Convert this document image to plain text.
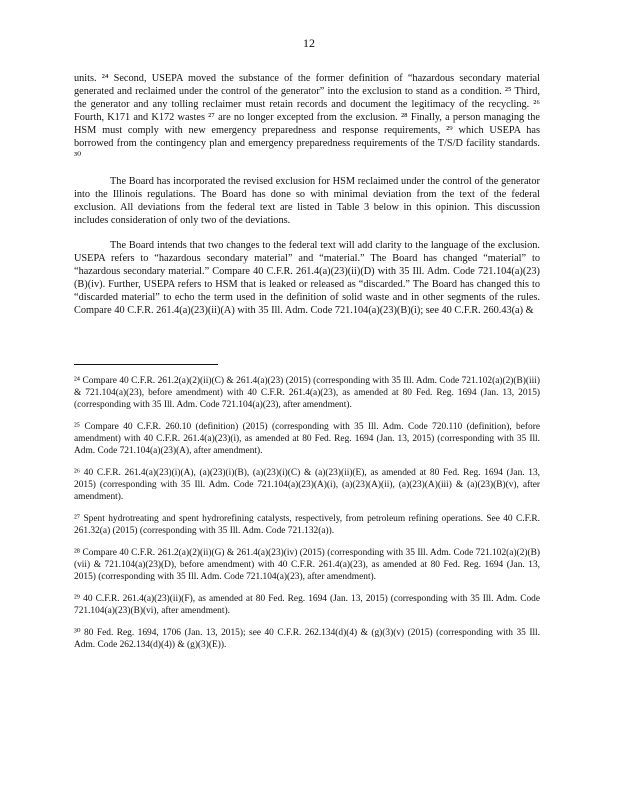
12

units. ²⁴ Second, USEPA moved the substance of the former definition of “hazardous secondary material generated and reclaimed under the control of the generator” into the exclusion to stand as a condition. ²⁵ Third, the generator and any tolling reclaimer must retain records and document the legitimacy of the recycling. ²⁶ Fourth, K171 and K172 wastes ²⁷ are no longer excepted from the exclusion. ²⁸ Finally, a person managing the HSM must comply with new emergency preparedness and response requirements, ²⁹ which USEPA has borrowed from the contingency plan and emergency preparedness requirements of the T/S/D facility standards. ³⁰

The Board has incorporated the revised exclusion for HSM reclaimed under the control of the generator into the Illinois regulations. The Board has done so with minimal deviation from the text of the federal exclusion. All deviations from the federal text are listed in Table 3 below in this opinion. This discussion includes consideration of only two of the deviations.

The Board intends that two changes to the federal text will add clarity to the language of the exclusion. USEPA refers to “hazardous secondary material” and “material.” The Board has changed “material” to “hazardous secondary material.” Compare 40 C.F.R. 261.4(a)(23)(ii)(D) with 35 Ill. Adm. Code 721.104(a)(23)(B)(iv). Further, USEPA refers to HSM that is leaked or released as “discarded.” The Board has changed this to “discarded material” to echo the term used in the definition of solid waste and in other segments of the rules. Compare 40 C.F.R. 261.4(a)(23)(ii)(A) with 35 Ill. Adm. Code 721.104(a)(23)(B)(i); see 40 C.F.R. 260.43(a) &

²⁴ Compare 40 C.F.R. 261.2(a)(2)(ii)(C) & 261.4(a)(23) (2015) (corresponding with 35 Ill. Adm. Code 721.102(a)(2)(B)(iii) & 721.104(a)(23), before amendment) with 40 C.F.R. 261.4(a)(23), as amended at 80 Fed. Reg. 1694 (Jan. 13, 2015) (corresponding with 35 Ill. Adm. Code 721.104(a)(23), after amendment).

²⁵ Compare 40 C.F.R. 260.10 (definition) (2015) (corresponding with 35 Ill. Adm. Code 720.110 (definition), before amendment) with 40 C.F.R. 261.4(a)(23)(i), as amended at 80 Fed. Reg. 1694 (Jan. 13, 2015) (corresponding with 35 Ill. Adm. Code 721.104(a)(23)(A), after amendment).

²⁶ 40 C.F.R. 261.4(a)(23)(i)(A), (a)(23)(i)(B), (a)(23)(i)(C) & (a)(23)(ii)(E), as amended at 80 Fed. Reg. 1694 (Jan. 13, 2015) (corresponding with 35 Ill. Adm. Code 721.104(a)(23)(A)(i), (a)(23)(A)(ii), (a)(23)(A)(iii) & (a)(23)(B)(v), after amendment).

²⁷ Spent hydrotreating and spent hydrorefining catalysts, respectively, from petroleum refining operations. See 40 C.F.R. 261.32(a) (2015) (corresponding with 35 Ill. Adm. Code 721.132(a)).

²⁸ Compare 40 C.F.R. 261.2(a)(2)(ii)(G) & 261.4(a)(23)(iv) (2015) (corresponding with 35 Ill. Adm. Code 721.102(a)(2)(B)(vii) & 721.104(a)(23)(D), before amendment) with 40 C.F.R. 261.4(a)(23), as amended at 80 Fed. Reg. 1694 (Jan. 13, 2015) (corresponding with 35 Ill. Adm. Code 721.104(a)(23), after amendment).

²⁹ 40 C.F.R. 261.4(a)(23)(ii)(F), as amended at 80 Fed. Reg. 1694 (Jan. 13, 2015) (corresponding with 35 Ill. Adm. Code 721.104(a)(23)(B)(vi), after amendment).

³⁰ 80 Fed. Reg. 1694, 1706 (Jan. 13, 2015); see 40 C.F.R. 262.134(d)(4) & (g)(3)(v) (2015) (corresponding with 35 Ill. Adm. Code 262.134(d)(4)) & (g)(3)(E)).
